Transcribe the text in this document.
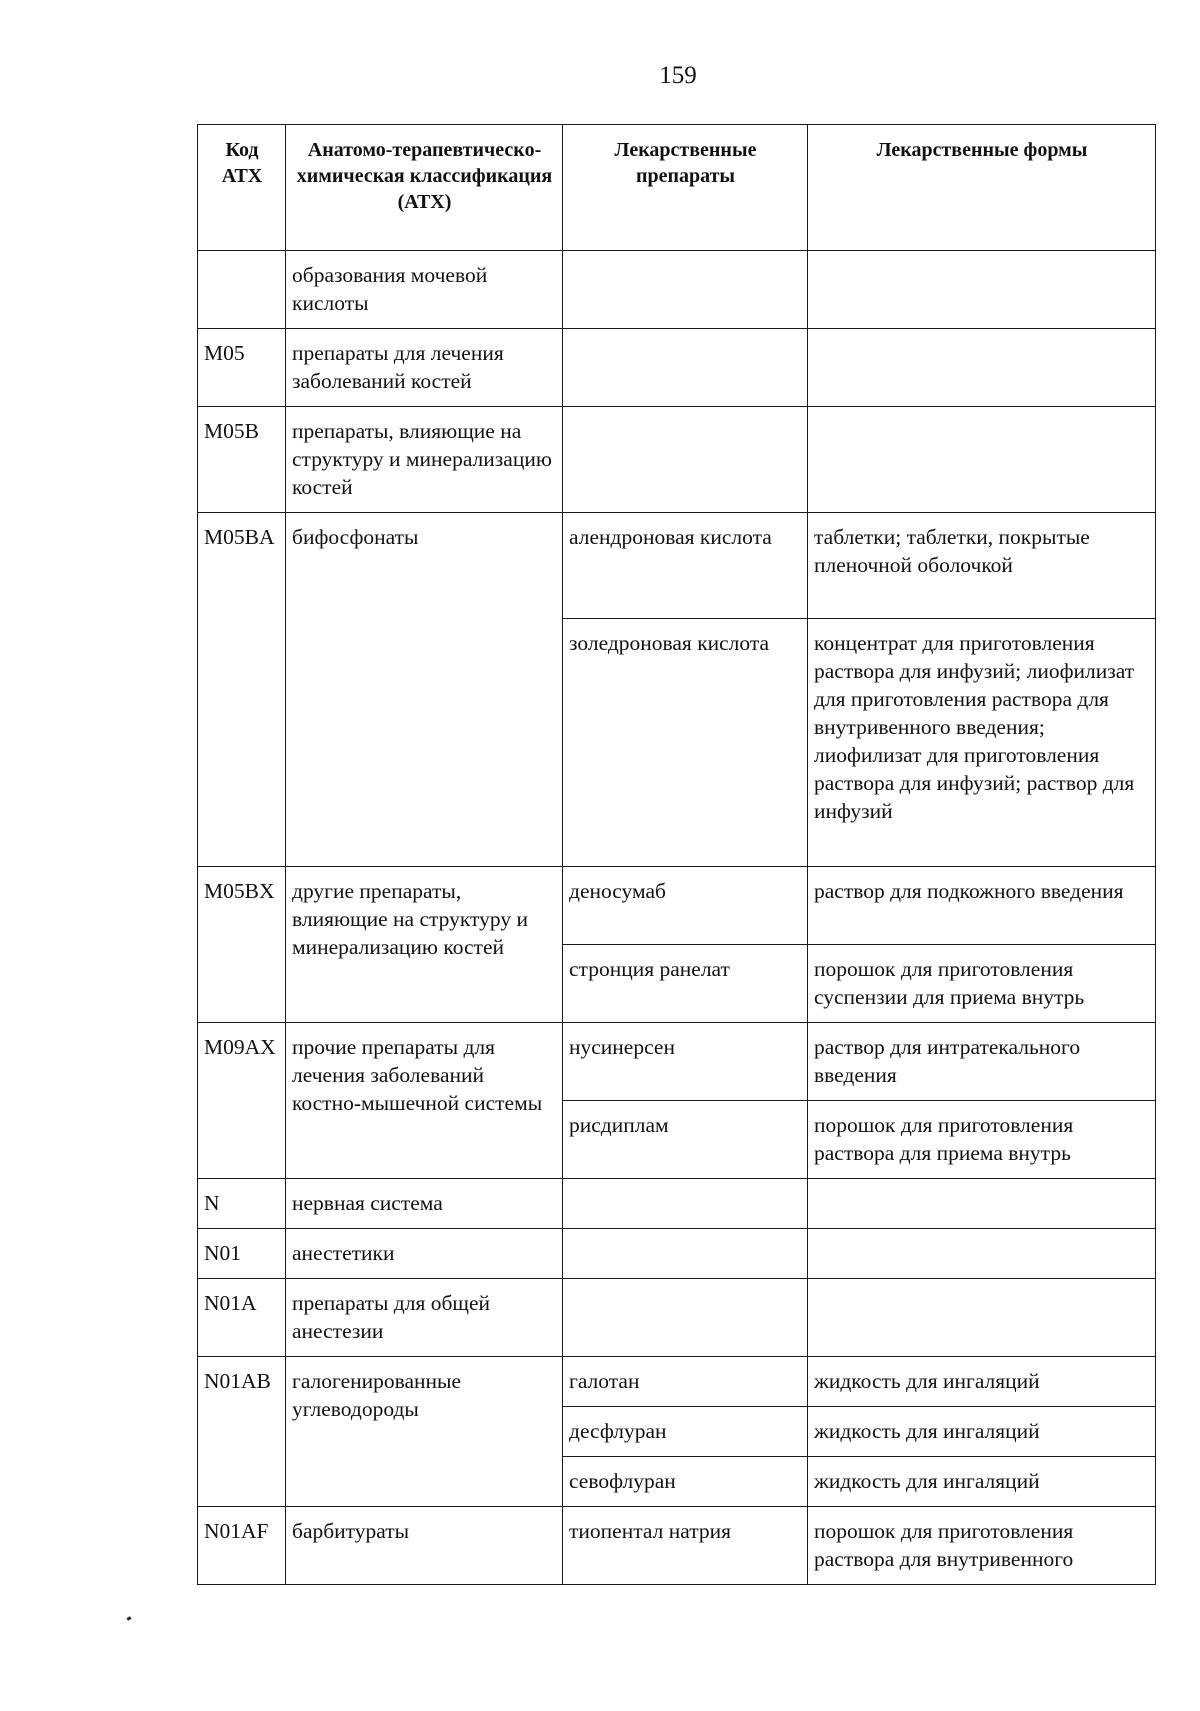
159
Код АТХ	Анатомо-терапевтическо-химическая классификация (АТХ)	Лекарственные препараты	Лекарственные формы
	образования мочевой кислоты		
M05	препараты для лечения заболеваний костей		
M05B	препараты, влияющие на структуру и минерализацию костей		
M05BA	бифосфонаты	алендроновая кислота	таблетки; таблетки, покрытые пленочной оболочкой
		золедроновая кислота	концентрат для приготовления раствора для инфузий; лиофилизат для приготовления раствора для внутривенного введения; лиофилизат для приготовления раствора для инфузий; раствор для инфузий
M05BX	другие препараты, влияющие на структуру и минерализацию костей	деносумаб	раствор для подкожного введения
		стронция ранелат	порошок для приготовления суспензии для приема внутрь
M09AX	прочие препараты для лечения заболеваний костно-мышечной системы	нусинерсен	раствор для интратекального введения
		рисдиплам	порошок для приготовления раствора для приема внутрь
N	нервная система		
N01	анестетики		
N01A	препараты для общей анестезии		
N01AB	галогенированные углеводороды	галотан	жидкость для ингаляций
		десфлуран	жидкость для ингаляций
		севофлуран	жидкость для ингаляций
N01AF	барбитураты	тиопентал натрия	порошок для приготовления раствора для внутривенного
